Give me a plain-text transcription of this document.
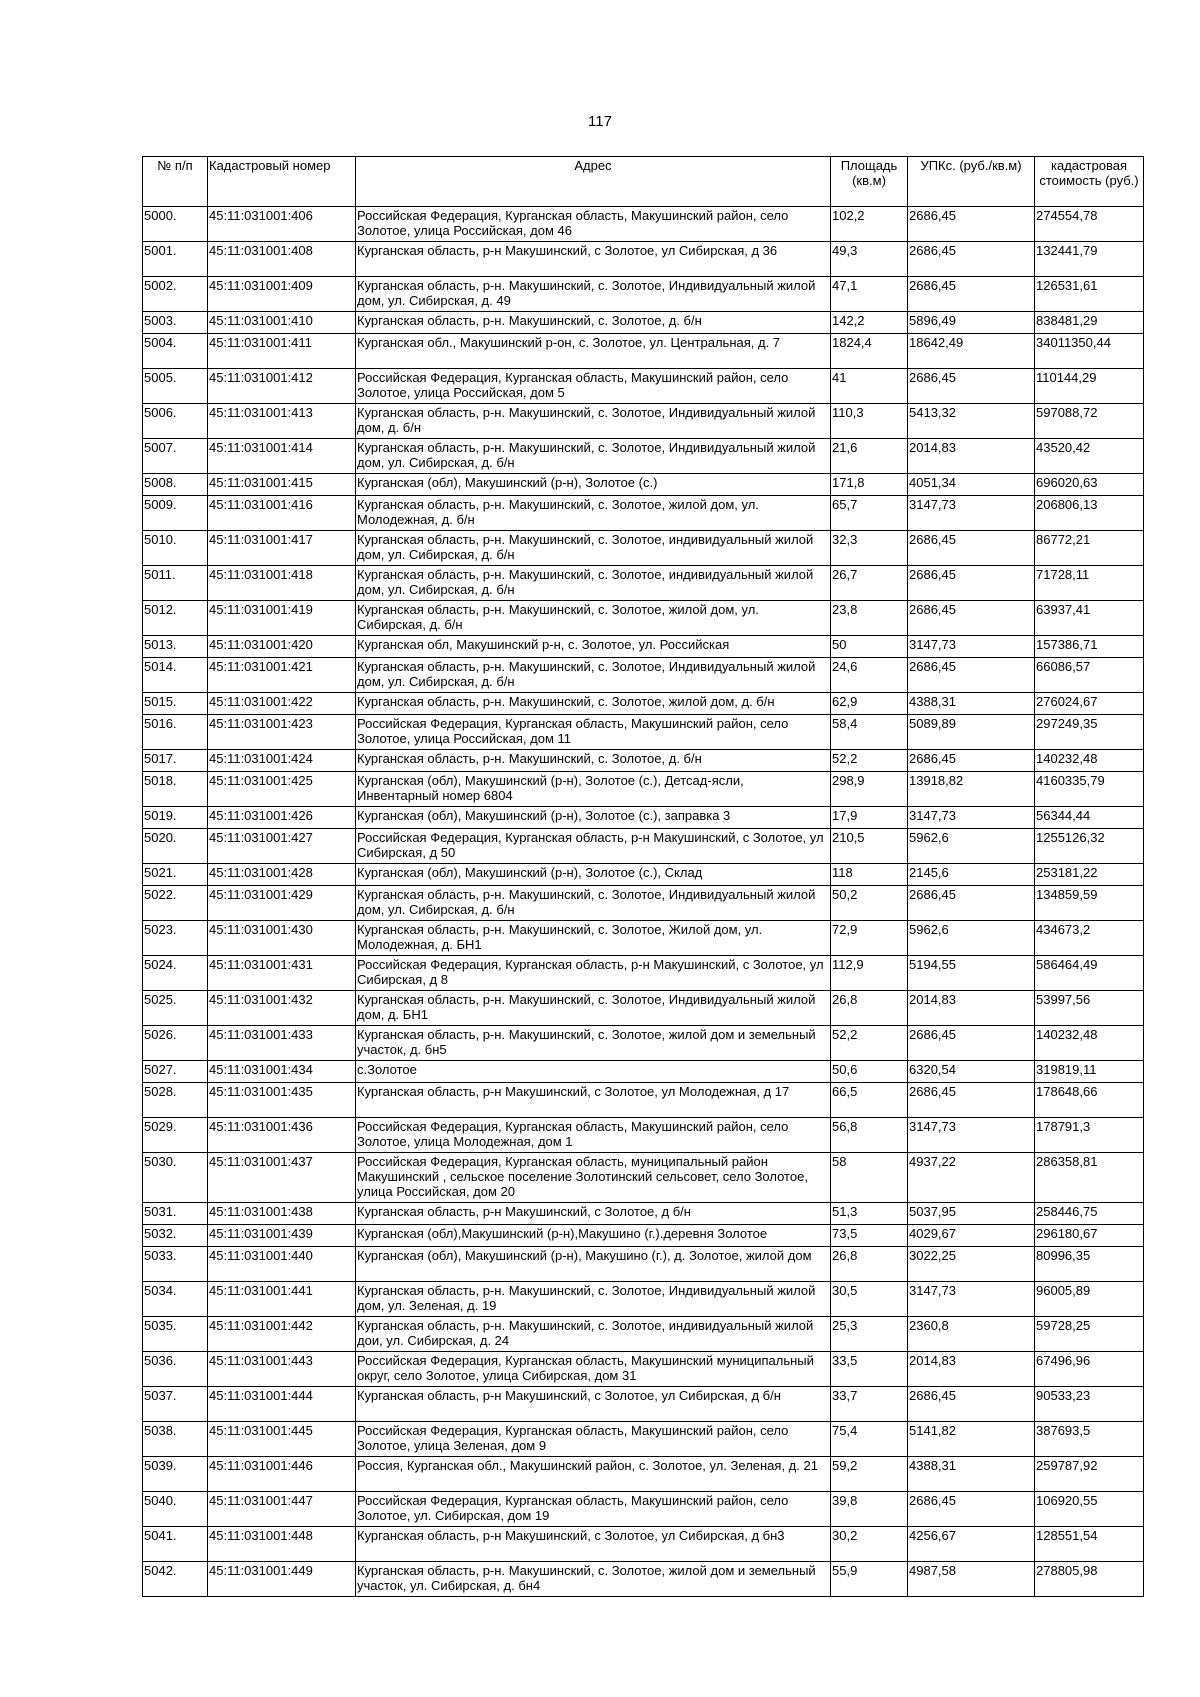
117
№ п/п	Кадастровый номер	Адрес	Площадь (кв.м)	УПКс. (руб./кв.м)	кадастровая стоимость (руб.)
5000.	45:11:031001:406	Российская Федерация, Курганская область, Макушинский район, село Золотое, улица Российская, дом 46	102,2	2686,45	274554,78
5001.	45:11:031001:408	Курганская область, р-н Макушинский, с Золотое, ул Сибирская, д 36	49,3	2686,45	132441,79
5002.	45:11:031001:409	Курганская область, р-н. Макушинский, с. Золотое, Индивидуальный жилой дом, ул. Сибирская, д. 49	47,1	2686,45	126531,61
5003.	45:11:031001:410	Курганская область, р-н. Макушинский, с. Золотое, д. б/н	142,2	5896,49	838481,29
5004.	45:11:031001:411	Курганская обл., Макушинский р-он, с. Золотое, ул. Центральная, д. 7	1824,4	18642,49	34011350,44
5005.	45:11:031001:412	Российская Федерация, Курганская область, Макушинский район, село Золотое, улица Российская, дом 5	41	2686,45	110144,29
5006.	45:11:031001:413	Курганская область, р-н. Макушинский, с. Золотое, Индивидуальный жилой дом, д. б/н	110,3	5413,32	597088,72
5007.	45:11:031001:414	Курганская область, р-н. Макушинский, с. Золотое, Индивидуальный жилой дом, ул. Сибирская, д. б/н	21,6	2014,83	43520,42
5008.	45:11:031001:415	Курганская (обл), Макушинский (р-н), Золотое (с.)	171,8	4051,34	696020,63
5009.	45:11:031001:416	Курганская область, р-н. Макушинский, с. Золотое, жилой дом, ул. Молодежная, д. б/н	65,7	3147,73	206806,13
5010.	45:11:031001:417	Курганская область, р-н. Макушинский, с. Золотое, индивидуальный жилой дом, ул. Сибирская, д. б/н	32,3	2686,45	86772,21
5011.	45:11:031001:418	Курганская область, р-н. Макушинский, с. Золотое, индивидуальный жилой дом, ул. Сибирская, д. б/н	26,7	2686,45	71728,11
5012.	45:11:031001:419	Курганская область, р-н. Макушинский, с. Золотое, жилой дом, ул. Сибирская, д. б/н	23,8	2686,45	63937,41
5013.	45:11:031001:420	Курганская обл, Макушинский р-н, с. Золотое, ул. Российская	50	3147,73	157386,71
5014.	45:11:031001:421	Курганская область, р-н. Макушинский, с. Золотое, Индивидуальный жилой дом, ул. Сибирская, д. б/н	24,6	2686,45	66086,57
5015.	45:11:031001:422	Курганская область, р-н. Макушинский, с. Золотое, жилой дом, д. б/н	62,9	4388,31	276024,67
5016.	45:11:031001:423	Российская Федерация, Курганская область, Макушинский район, село Золотое, улица Российская, дом 11	58,4	5089,89	297249,35
5017.	45:11:031001:424	Курганская область, р-н. Макушинский, с. Золотое, д. б/н	52,2	2686,45	140232,48
5018.	45:11:031001:425	Курганская (обл), Макушинский (р-н), Золотое (с.), Детсад-ясли, Инвентарный номер 6804	298,9	13918,82	4160335,79
5019.	45:11:031001:426	Курганская (обл), Макушинский (р-н), Золотое (с.), заправка 3	17,9	3147,73	56344,44
5020.	45:11:031001:427	Российская Федерация, Курганская область, р-н Макушинский, с Золотое, ул Сибирская, д 50	210,5	5962,6	1255126,32
5021.	45:11:031001:428	Курганская (обл), Макушинский (р-н), Золотое (с.), Склад	118	2145,6	253181,22
5022.	45:11:031001:429	Курганская область, р-н. Макушинский, с. Золотое, Индивидуальный жилой дом, ул. Сибирская, д. б/н	50,2	2686,45	134859,59
5023.	45:11:031001:430	Курганская область, р-н. Макушинский, с. Золотое, Жилой дом, ул. Молодежная, д. БН1	72,9	5962,6	434673,2
5024.	45:11:031001:431	Российская Федерация, Курганская область, р-н Макушинский, с Золотое, ул Сибирская, д 8	112,9	5194,55	586464,49
5025.	45:11:031001:432	Курганская область, р-н. Макушинский, с. Золотое, Индивидуальный жилой дом, д. БН1	26,8	2014,83	53997,56
5026.	45:11:031001:433	Курганская область, р-н. Макушинский, с. Золотое, жилой дом и земельный участок, д. бн5	52,2	2686,45	140232,48
5027.	45:11:031001:434	с.Золотое	50,6	6320,54	319819,11
5028.	45:11:031001:435	Курганская область, р-н Макушинский, с Золотое, ул Молодежная, д 17	66,5	2686,45	178648,66
5029.	45:11:031001:436	Российская Федерация, Курганская область, Макушинский район, село Золотое, улица Молодежная, дом 1	56,8	3147,73	178791,3
5030.	45:11:031001:437	Российская Федерация, Курганская область, муниципальный район Макушинский , сельское поселение Золотинский сельсовет, село Золотое, улица Российская, дом 20	58	4937,22	286358,81
5031.	45:11:031001:438	Курганская область, р-н Макушинский, с Золотое, д б/н	51,3	5037,95	258446,75
5032.	45:11:031001:439	Курганская (обл),Макушинский (р-н),Макушино (г.).деревня Золотое	73,5	4029,67	296180,67
5033.	45:11:031001:440	Курганская (обл), Макушинский (р-н), Макушино (г.), д. Золотое, жилой дом	26,8	3022,25	80996,35
5034.	45:11:031001:441	Курганская область, р-н. Макушинский, с. Золотое, Индивидуальный жилой дом, ул. Зеленая, д. 19	30,5	3147,73	96005,89
5035.	45:11:031001:442	Курганская область, р-н. Макушинский, с. Золотое, индивидуальный жилой дои, ул. Сибирская, д. 24	25,3	2360,8	59728,25
5036.	45:11:031001:443	Российская Федерация, Курганская область, Макушинский муниципальный округ, село Золотое, улица Сибирская, дом 31	33,5	2014,83	67496,96
5037.	45:11:031001:444	Курганская область, р-н Макушинский, с Золотое, ул Сибирская, д б/н	33,7	2686,45	90533,23
5038.	45:11:031001:445	Российская Федерация, Курганская область, Макушинский район, село Золотое, улица Зеленая, дом 9	75,4	5141,82	387693,5
5039.	45:11:031001:446	Россия, Курганская обл., Макушинский район, с. Золотое, ул. Зеленая, д. 21	59,2	4388,31	259787,92
5040.	45:11:031001:447	Российская Федерация, Курганская область, Макушинский район, село Золотое, ул. Сибирская, дом 19	39,8	2686,45	106920,55
5041.	45:11:031001:448	Курганская область, р-н Макушинский, с Золотое, ул Сибирская, д бн3	30,2	4256,67	128551,54
5042.	45:11:031001:449	Курганская область, р-н. Макушинский, с. Золотое, жилой дом и земельный участок, ул. Сибирская, д. бн4	55,9	4987,58	278805,98
